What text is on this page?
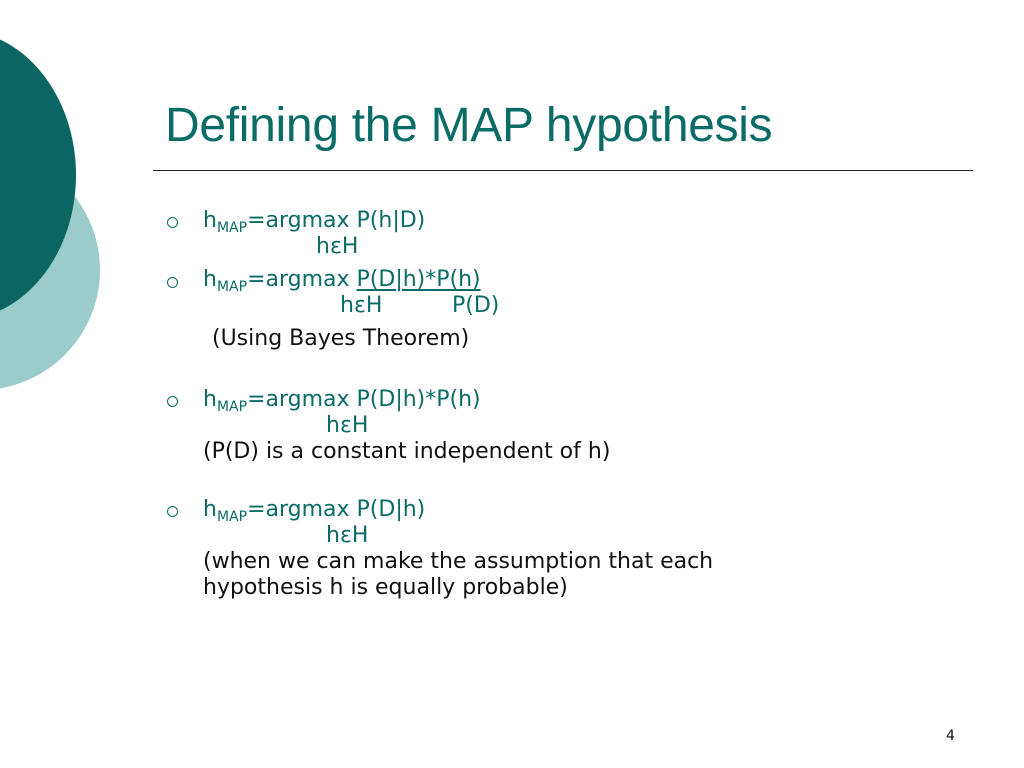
Defining the MAP hypothesis
$h_{MAP}=argmax$ P(h|D)
hεH
$h_{MAP}=argmax$ P(D|h)*P(h)
hεH	P(D)
(Using Bayes Theorem)
$h_{MAP}=argmax$ P(D|h)*P(h)
hεH
(P(D) is a constant independent of h)
$h_{MAP}=argmax$ P(D|h)
hεH
(when we can make the assumption that each
hypothesis h is equally probable)
4
